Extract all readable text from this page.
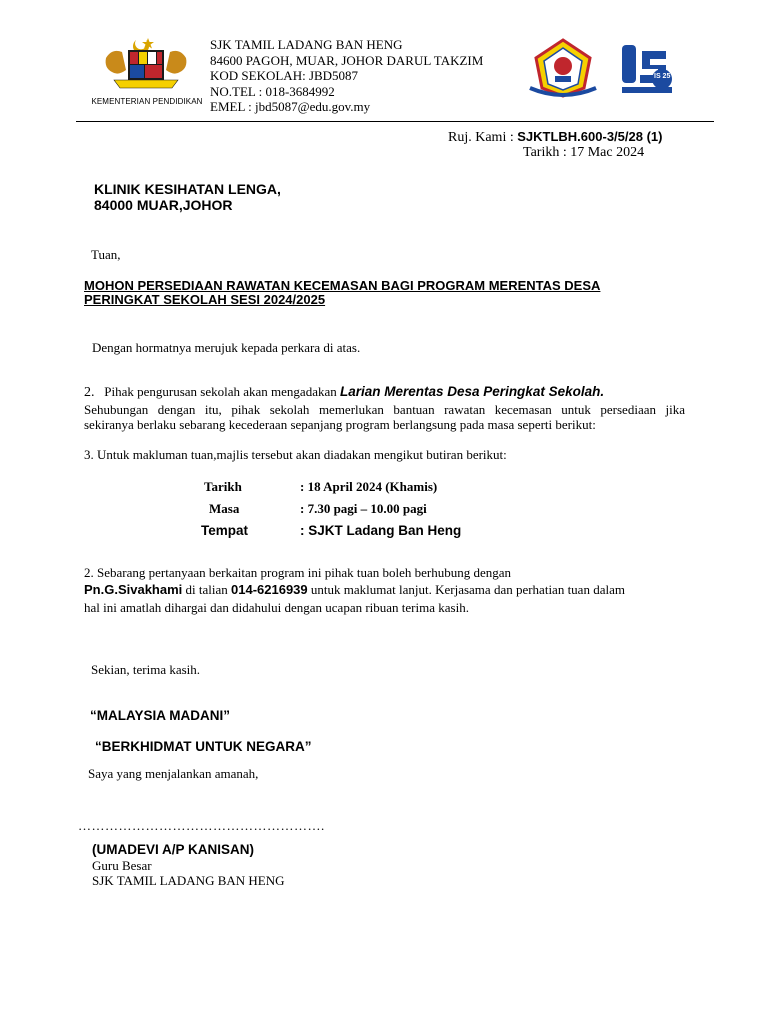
KEMENTERIAN PENDIDIKAN
SJK TAMIL LADANG BAN HENG
84600 PAGOH, MUAR, JOHOR DARUL TAKZIM
KOD SEKOLAH: JBD5087
NO.TEL : 018-3684992
EMEL : jbd5087@edu.gov.my
IS 25
Ruj. Kami : SJKTLBH.600-3/5/28 (1)
Tarikh : 17 Mac 2024
KLINIK KESIHATAN LENGA,
84000 MUAR,JOHOR
Tuan,
MOHON PERSEDIAAN RAWATAN KECEMASAN BAGI PROGRAM MERENTAS DESA
PERINGKAT SEKOLAH SESI 2024/2025
Dengan hormatnya merujuk kepada perkara di atas.
2. Pihak pengurusan sekolah akan mengadakan Larian Merentas Desa Peringkat Sekolah.
Sehubungan dengan itu, pihak sekolah memerlukan bantuan rawatan kecemasan untuk persediaan jika
sekiranya berlaku sebarang kecederaan sepanjang program berlangsung pada masa seperti berikut:
3. Untuk makluman tuan,majlis tersebut akan diadakan mengikut butiran berikut:
Tarikh	: 18 April 2024 (Khamis)
Masa	: 7.30 pagi – 10.00 pagi
Tempat	: SJKT Ladang Ban Heng
2. Sebarang pertanyaan berkaitan program ini pihak tuan boleh berhubung dengan
Pn.G.Sivakhami di talian 014-6216939 untuk maklumat lanjut. Kerjasama dan perhatian tuan dalam
hal ini amatlah dihargai dan didahului dengan ucapan ribuan terima kasih.
Sekian, terima kasih.
“MALAYSIA MADANI”
“BERKHIDMAT UNTUK NEGARA”
Saya yang menjalankan amanah,
……………………………………………….
(UMADEVI A/P KANISAN)
Guru Besar
SJK TAMIL LADANG BAN HENG
